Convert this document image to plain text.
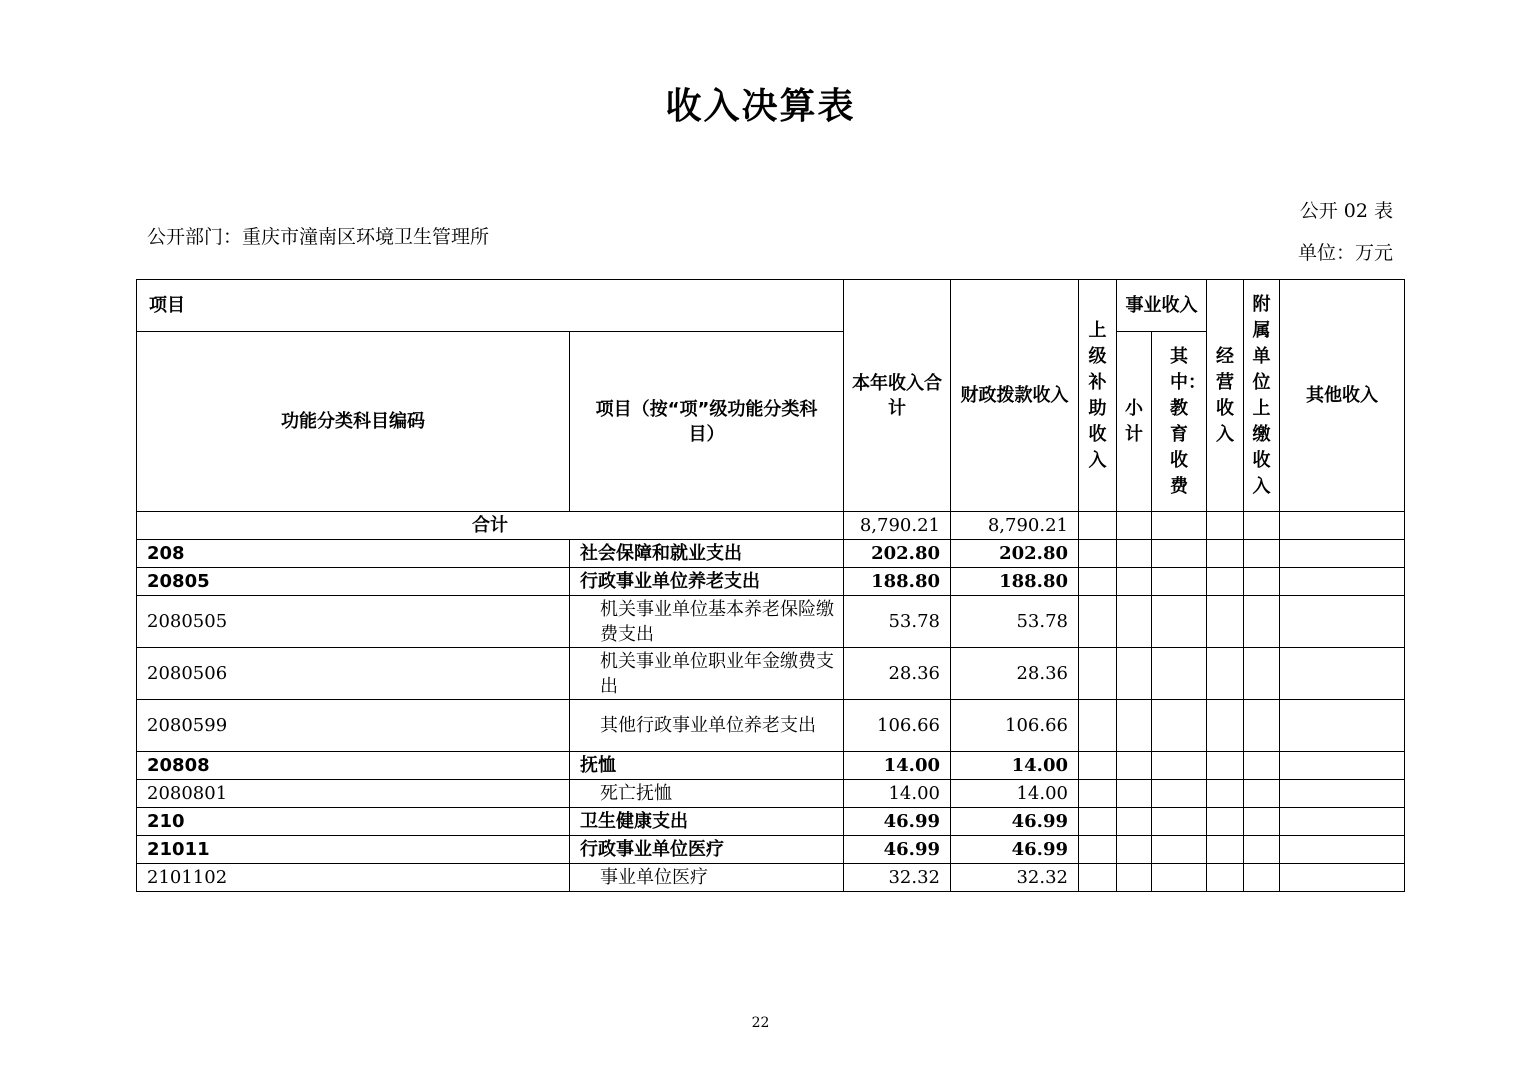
收入决算表
公开 02 表
公开部门：重庆市潼南区环境卫生管理所
单位：万元
项目		本年收入合计	财政拨款收入	上级补助收入	事业收入		经营收入	附属单位上缴收入	其他收入
功能分类科目编码	项目（按“项”级功能分类科目）				小计	其中：教育收费			
合计		8,790.21	8,790.21						
208	社会保障和就业支出	202.80	202.80						
20805	行政事业单位养老支出	188.80	188.80						
2080505	机关事业单位基本养老保险缴费支出	53.78	53.78						
2080506	机关事业单位职业年金缴费支出	28.36	28.36						
2080599	其他行政事业单位养老支出	106.66	106.66						
20808	抚恤	14.00	14.00						
2080801	死亡抚恤	14.00	14.00						
210	卫生健康支出	46.99	46.99						
21011	行政事业单位医疗	46.99	46.99						
2101102	事业单位医疗	32.32	32.32						
22
